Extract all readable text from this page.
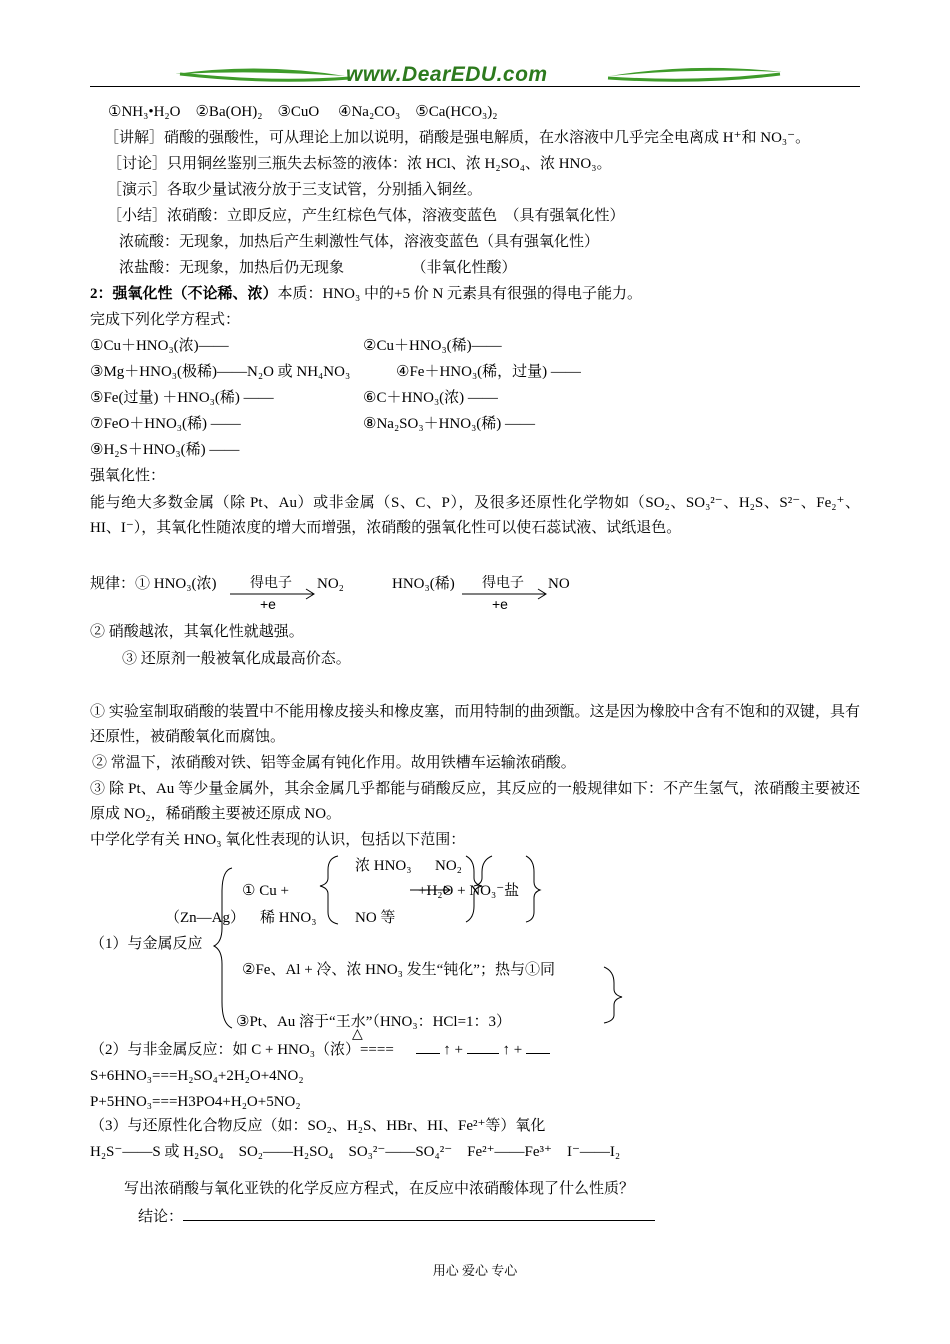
www.DearEDU.com
①NH₃•H₂O　②Ba(OH)₂　③CuO　 ④Na₂CO₃　⑤Ca(HCO₃)₂
［讲解］硝酸的强酸性，可从理论上加以说明，硝酸是强电解质，在水溶液中几乎完全电离成 H⁺和 NO₃⁻。
［讨论］只用铜丝鉴别三瓶失去标签的液体：浓 HCl、浓 H₂SO₄、浓 HNO₃。
［演示］各取少量试液分放于三支试管，分别插入铜丝。
［小结］浓硝酸：立即反应，产生红棕色气体，溶液变蓝色　（具有强氧化性）
浓硫酸：无现象，加热后产生刺激性气体，溶液变蓝色（具有强氧化性）
浓盐酸：无现象，加热后仍无现象　　　　　（非氧化性酸）
2：强氧化性（不论稀、浓）本质：HNO₃ 中的+5 价 N 元素具有很强的得电子能力。
完成下列化学方程式：
①Cu＋HNO₃(浓)——	②Cu＋HNO₃(稀)——
③Mg＋HNO₃(极稀)——N₂O 或 NH₄NO₃	④Fe＋HNO₃(稀，过量) ——
⑤Fe(过量) ＋HNO₃(稀) ——	⑥C＋HNO₃(浓) ——
⑦FeO＋HNO₃(稀) ——	⑧Na₂SO₃＋HNO₃(稀) ——
⑨H₂S＋HNO₃(稀) ——
强氧化性：
能与绝大多数金属（除 Pt、Au）或非金属（S、C、P），及很多还原性化学物如（SO₂、SO₃²⁻、H₂S、S²⁻、Fe₂⁺、HI、I⁻），其氧化性随浓度的增大而增强，浓硝酸的强氧化性可以使石蕊试液、试纸退色。
规律：① HNO₃(浓) 得电子
+e
NO₂	HNO₃(稀) 得电子
+e
NO
② 硝酸越浓，其氧化性就越强。
③ 还原剂一般被氧化成最高价态。
① 实验室制取硝酸的装置中不能用橡皮接头和橡皮塞，而用特制的曲颈甑。这是因为橡胶中含有不饱和的双键，具有还原性，被硝酸氧化而腐蚀。
② 常温下，浓硝酸对铁、铝等金属有钝化作用。故用铁槽车运输浓硝酸。
③ 除 Pt、Au 等少量金属外，其余金属几乎都能与硝酸反应，其反应的一般规律如下：不产生氢气，浓硝酸主要被还原成 NO₂，稀硝酸主要被还原成 NO。
中学化学有关 HNO₃ 氧化性表现的认识，包括以下范围：
浓 HNO₃ NO₂
① Cu +	+H₂O + NO₃⁻盐
（Zn—Ag） 稀 HNO₃	NO 等
（1）与金属反应
②Fe、Al + 冷、浓 HNO₃ 发生“钝化”；热与①同
③Pt、Au 溶于“王水”（HNO₃：HCl=1：3）
△
（2）与非金属反应：如 C + HNO₃（浓）====	↑ +	↑ +
S+6HNO₃===H₂SO₄+2H₂O+4NO₂
P+5HNO₃===H3PO4+H₂O+5NO₂
（3）与还原性化合物反应（如：SO₂、H₂S、HBr、HI、Fe²⁺等）氧化
H₂S⁻——S 或 H₂SO₄　SO₂——H₂SO₄　SO₃²⁻——SO₄²⁻　Fe²⁺——Fe³⁺　I⁻——I₂
写出浓硝酸与氧化亚铁的化学反应方程式，在反应中浓硝酸体现了什么性质？
结论：
用心 爱心 专心
